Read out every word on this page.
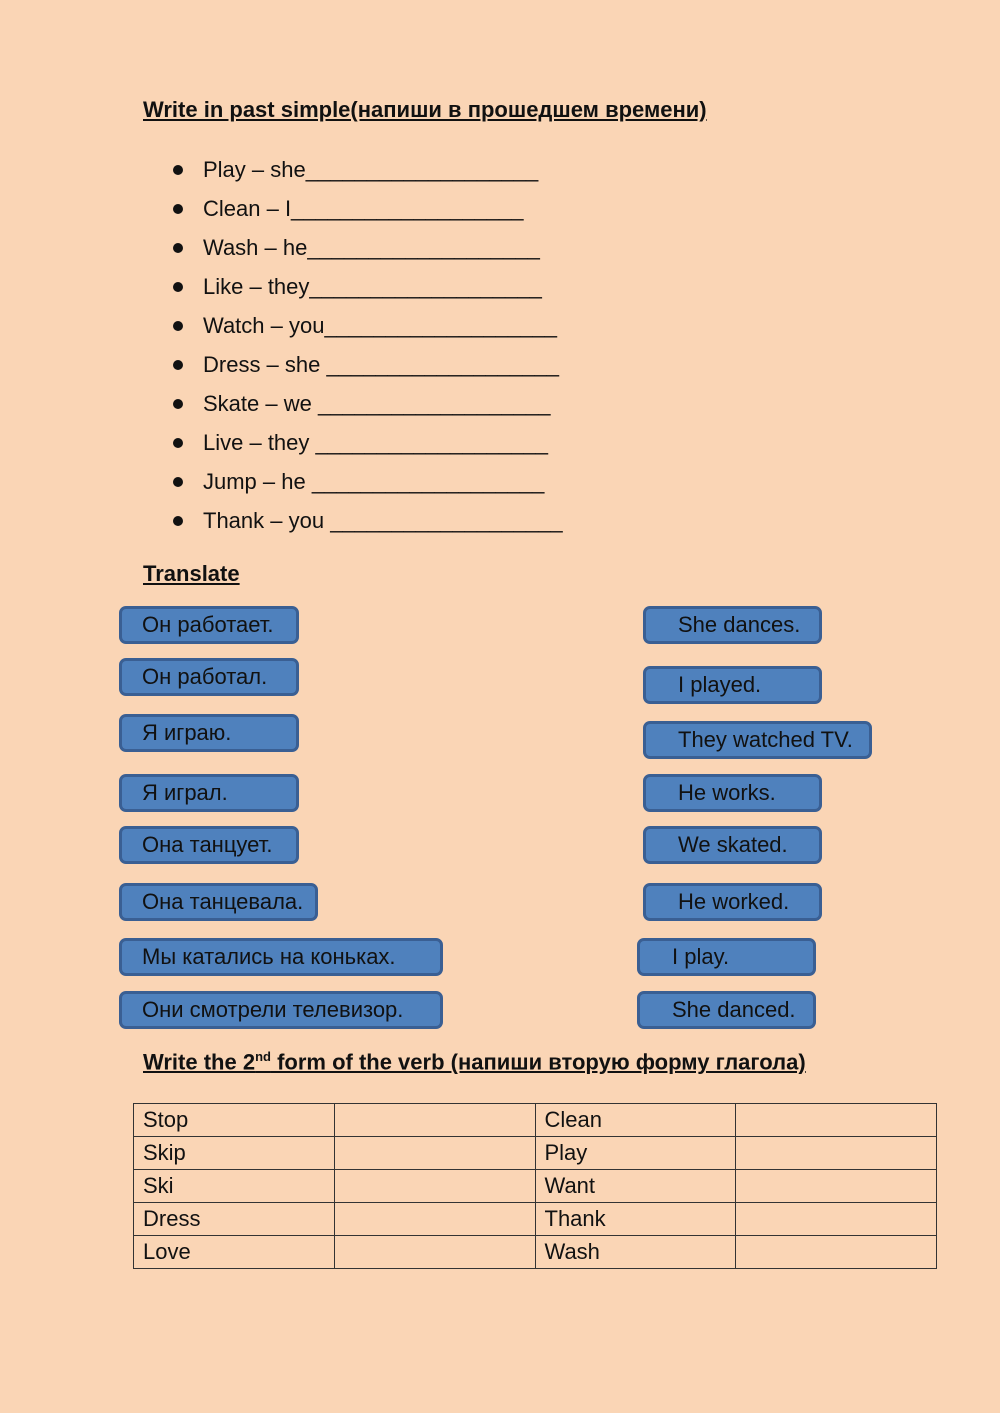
Write in past simple(напиши в прошедшем времени)
Play – she___________________
Clean – I___________________
Wash – he___________________
Like – they___________________
Watch – you___________________
Dress – she ___________________
Skate – we ___________________
Live – they ___________________
Jump – he ___________________
Thank – you ___________________
Translate
Он работает.
Он работал.
Я играю.
Я играл.
Она танцует.
Она танцевала.
Мы катались на коньках.
Они смотрели телевизор.
She dances.
I played.
They watched TV.
He works.
We skated.
He worked.
I play.
She danced.
Write the 2nd form of the verb (напиши вторую форму глагола)
Stop		Clean	
Skip		Play	
Ski		Want	
Dress		Thank	
Love		Wash	
